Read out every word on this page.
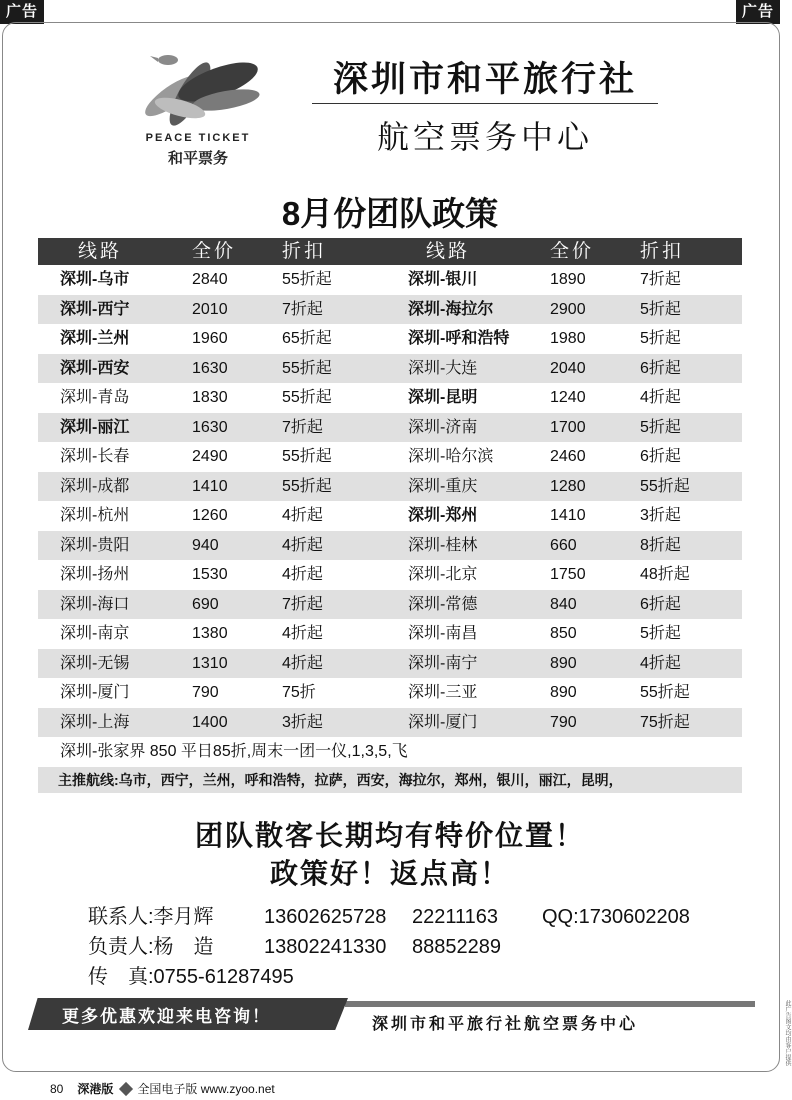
广告	广告
此广告图文均由客户提供
PEACE TICKET
和平票务
深圳市和平旅行社
航空票务中心
8月份团队政策
线路	全价	折扣	线路	全价	折扣
深圳-乌市	2840	55折起	深圳-银川	1890	7折起
深圳-西宁	2010	7折起	深圳-海拉尔	2900	5折起
深圳-兰州	1960	65折起	深圳-呼和浩特	1980	5折起
深圳-西安	1630	55折起	深圳-大连	2040	6折起
深圳-青岛	1830	55折起	深圳-昆明	1240	4折起
深圳-丽江	1630	7折起	深圳-济南	1700	5折起
深圳-长春	2490	55折起	深圳-哈尔滨	2460	6折起
深圳-成都	1410	55折起	深圳-重庆	1280	55折起
深圳-杭州	1260	4折起	深圳-郑州	1410	3折起
深圳-贵阳	940	4折起	深圳-桂林	660	8折起
深圳-扬州	1530	4折起	深圳-北京	1750	48折起
深圳-海口	690	7折起	深圳-常德	840	6折起
深圳-南京	1380	4折起	深圳-南昌	850	5折起
深圳-无锡	1310	4折起	深圳-南宁	890	4折起
深圳-厦门	790	75折	深圳-三亚	890	55折起
深圳-上海	1400	3折起	深圳-厦门	790	75折起
深圳-张家界 850 平日85折,周末一团一仪,1,3,5,飞
主推航线:乌市，西宁，兰州，呼和浩特，拉萨，西安，海拉尔，郑州，银川，丽江，昆明，
团队散客长期均有特价位置！
政策好！返点高！
联系人:李月辉	13602625728 22211163 QQ:1730602208
负责人:杨　造	13802241330 88852289
传　真:0755-61287495
更多优惠欢迎来电咨询！	深圳市和平旅行社航空票务中心
80 深港版 全国电子版 www.zyoo.net
